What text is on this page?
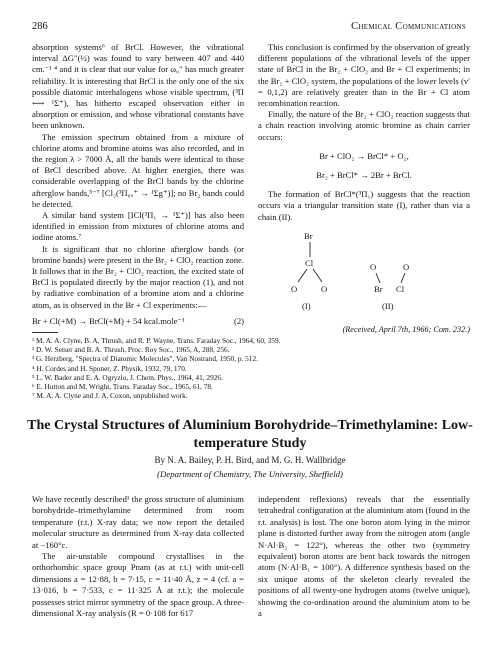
286	Chemical Communications

absorption systems⁶ of BrCl. However, the vibrational interval ΔG″(½) was found to vary between 407 and 440 cm.⁻¹ ⁴ and it is clear that our value for ω₀″ has much greater reliability. It is interesting that BrCl is the only one of the six possible diatomic interhalogens whose visible spectrum, (³Π ⟷ ¹Σ⁺), has hitherto escaped observation either in absorption or emission, and whose vibrational constants have been unknown.

The emission spectrum obtained from a mixture of chlorine atoms and bromine atoms was also recorded, and in the region λ > 7000 Å, all the bands were identical to those of BrCl described above. At higher energies, there was considerable overlapping of the BrCl bands by the chlorine afterglow bands,⁵⁻⁷ [Cl₂(³Π₀ᵤ⁺ → ¹Σg⁺)]; no Br₂ bands could be detected.

A similar band system [ICl(³Π₁ → ¹Σ⁺)] has also been identified in emission from mixtures of chlorine atoms and iodine atoms.⁷

It is significant that no chlorine afterglow bands (or bromine bands) were present in the Br₂ + ClO₂ reaction zone. It follows that in the Br₂ + ClO₂ reaction, the excited state of BrCl is populated directly by the major reaction (1), and not by radiative combination of a bromine atom and a chlorine atom, as is observed in the Br + Cl experiments:—

Br + Cl(+M) → BrCl(+M) + 54 kcal.mole⁻¹	(2)
¹ M. A. A. Clyne, B. A. Thrush, and R. P. Wayne, Trans. Faraday Soc., 1964, 60, 359.
² D. W. Setser and B. A. Thrush, Proc. Roy Soc., 1965, A, 288, 256.
³ G. Herzberg, "Spectra of Diatomic Molecules", Van Nostrand, 1950, p. 512.
⁴ H. Cordes and H. Sponer, Z. Physik, 1932, 79, 170.
⁵ L. W. Bader and E. A. Ogryzlo, J. Chem. Phys., 1964, 41, 2926.
⁶ E. Hutton and M. Wright, Trans. Faraday Soc., 1965, 61, 78.
⁷ M. A. A. Clyne and J. A. Coxon, unpublished work.

This conclusion is confirmed by the observation of greatly different populations of the vibrational levels of the upper state of BrCl in the Br₂ + ClO₂ and Br + Cl experiments; in the Br₂ + ClO₂ system, the populations of the lower levels (v′ = 0,1,2) are relatively greater than in the Br + Cl atom recombination reaction.

Finally, the nature of the Br₂ + ClO₂ reaction suggests that a chain reaction involving atomic bromine as chain carrier occurs:

Br + ClO₂ → BrCl* + O₂,
Br₂ + BrCl* → 2Br + BrCl.

The formation of BrCl*(³Π₁) suggests that the reaction occurs via a triangular transition state (I), rather than via a chain (II).

Br
Cl
O	O
(I)
O	O
Br Cl
(II)
(Received, April 7th, 1966; Com. 232.)
The Crystal Structures of Aluminium Borohydride–Trimethylamine: Low-temperature Study
By N. A. Bailey, P. H. Bird, and M. G. H. Wallbridge
(Department of Chemistry, The University, Sheffield)

We have recently described¹ the gross structure of aluminium borohydride–trimethylamine determined from room temperature (r.t.) X-ray data; we now report the detailed molecular structure as determined from X-ray data collected at −160°c.

The air-unstable compound crystallises in the orthorhombic space group Pnam (as at r.t.) with unit-cell dimensions a = 12·88, b = 7·15, c = 11·40 Å, z = 4 (cf. a = 13·016, b = 7·533, c = 11·325 Å at r.t.); the molecule possesses strict mirror symmetry of the space group. A three-dimensional X-ray analysis (R = 0·108 for 617

independent reflexions) reveals that the essentially tetrahedral configuration at the aluminium atom (found in the r.t. analysis) is lost. The one boron atom lying in the mirror plane is distorted further away from the nitrogen atom (angle N·Al·B₂ = 122°), whereas the other two (symmetry equivalent) boron atoms are bent back towards the nitrogen atom (N·Al·B₁ = 100°). A difference synthesis based on the six unique atoms of the skeleton clearly revealed the positions of all twenty-one hydrogen atoms (twelve unique), showing the co-ordination around the aluminium atom to be a
